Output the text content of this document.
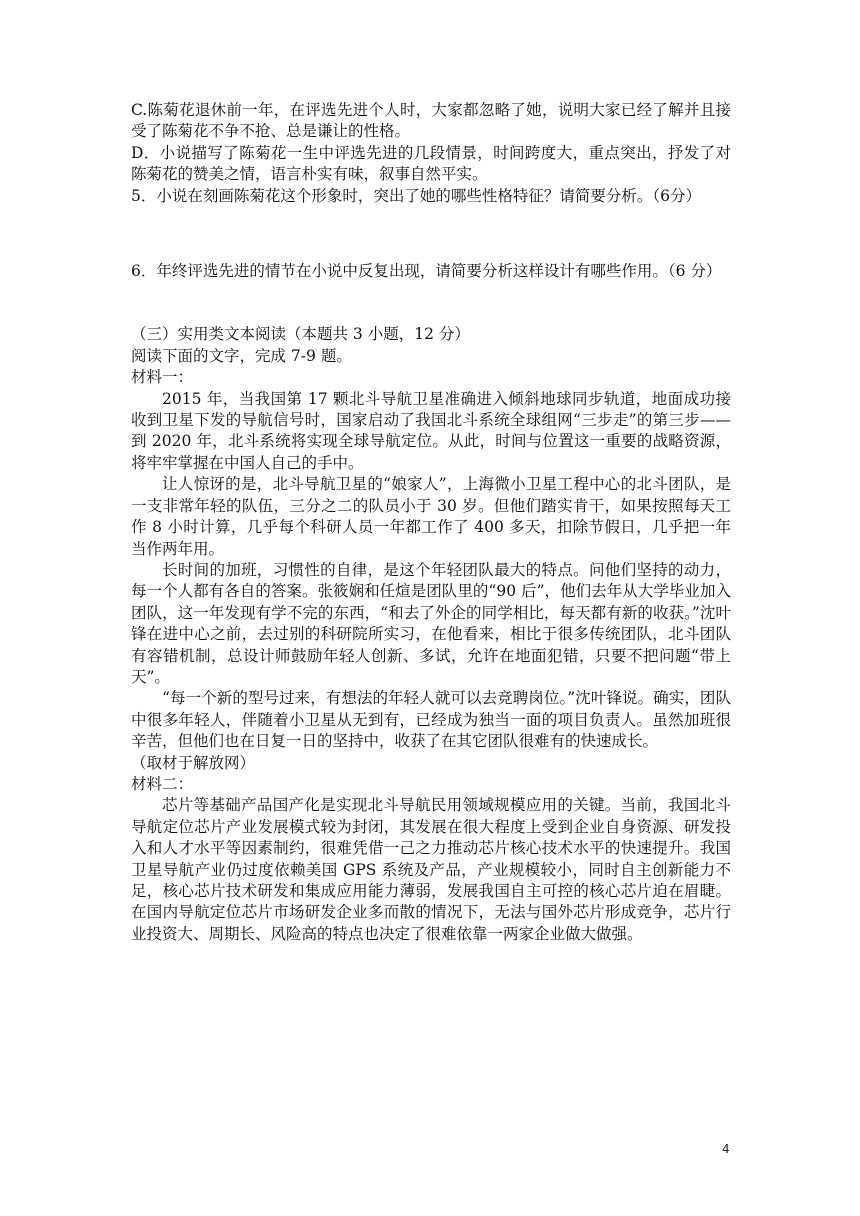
C.陈菊花退休前一年，在评选先进个人时，大家都忽略了她，说明大家已经了解并且接受了陈菊花不争不抢、总是谦让的性格。

D．小说描写了陈菊花一生中评选先进的几段情景，时间跨度大，重点突出，抒发了对陈菊花的赞美之情，语言朴实有味，叙事自然平实。

5．小说在刻画陈菊花这个形象时，突出了她的哪些性格特征？请简要分析。（6分）

6．年终评选先进的情节在小说中反复出现，请简要分析这样设计有哪些作用。（6 分）

（三）实用类文本阅读（本题共 3 小题，12 分）

阅读下面的文字，完成 7-9 题。

材料一：

2015 年，当我国第 17 颗北斗导航卫星准确进入倾斜地球同步轨道，地面成功接收到卫星下发的导航信号时，国家启动了我国北斗系统全球组网“三步走”的第三步——到 2020 年，北斗系统将实现全球导航定位。从此，时间与位置这一重要的战略资源，将牢牢掌握在中国人自己的手中。

让人惊讶的是，北斗导航卫星的“娘家人”，上海微小卫星工程中心的北斗团队，是一支非常年轻的队伍，三分之二的队员小于 30 岁。但他们踏实肯干，如果按照每天工作 8 小时计算，几乎每个科研人员一年都工作了 400 多天，扣除节假日，几乎把一年当作两年用。

长时间的加班，习惯性的自律，是这个年轻团队最大的特点。问他们坚持的动力，每一个人都有各自的答案。张筱娴和任煊是团队里的“90 后”，他们去年从大学毕业加入团队，这一年发现有学不完的东西，“和去了外企的同学相比，每天都有新的收获。”沈叶锋在进中心之前，去过别的科研院所实习，在他看来，相比于很多传统团队，北斗团队有容错机制，总设计师鼓励年轻人创新、多试，允许在地面犯错，只要不把问题“带上天”。

“每一个新的型号过来，有想法的年轻人就可以去竞聘岗位。”沈叶锋说。确实，团队中很多年轻人，伴随着小卫星从无到有，已经成为独当一面的项目负责人。虽然加班很辛苦，但他们也在日复一日的坚持中，收获了在其它团队很难有的快速成长。

（取材于解放网）

材料二：

芯片等基础产品国产化是实现北斗导航民用领域规模应用的关键。当前，我国北斗导航定位芯片产业发展模式较为封闭，其发展在很大程度上受到企业自身资源、研发投入和人才水平等因素制约，很难凭借一己之力推动芯片核心技术水平的快速提升。我国卫星导航产业仍过度依赖美国 GPS 系统及产品，产业规模较小，同时自主创新能力不足，核心芯片技术研发和集成应用能力薄弱，发展我国自主可控的核心芯片迫在眉睫。在国内导航定位芯片市场研发企业多而散的情况下，无法与国外芯片形成竞争，芯片行业投资大、周期长、风险高的特点也决定了很难依靠一两家企业做大做强。

4
